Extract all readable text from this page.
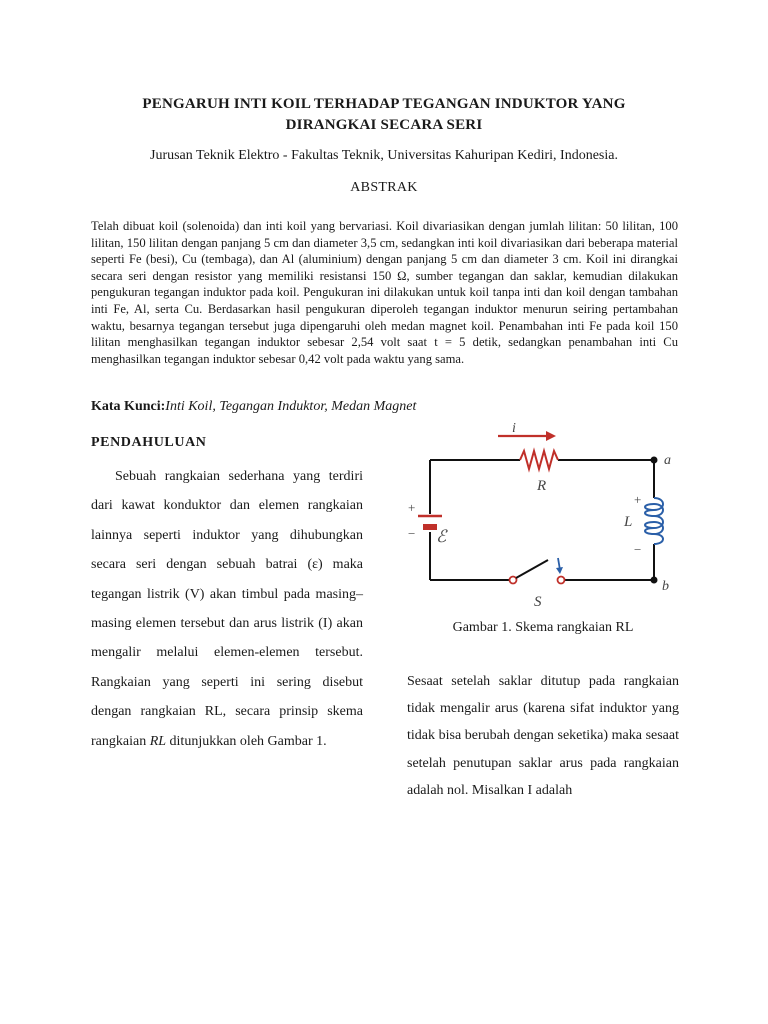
PENGARUH INTI KOIL TERHADAP TEGANGAN INDUKTOR YANG
DIRANGKAI SECARA SERI
Jurusan Teknik Elektro - Fakultas Teknik, Universitas Kahuripan Kediri, Indonesia.
ABSTRAK
Telah dibuat koil (solenoida) dan inti koil yang bervariasi. Koil divariasikan dengan jumlah lilitan: 50 lilitan, 100 lilitan, 150 lilitan dengan panjang 5 cm dan diameter 3,5 cm, sedangkan inti koil divariasikan dari beberapa material seperti Fe (besi), Cu (tembaga), dan Al (aluminium) dengan panjang 5 cm dan diameter 3 cm. Koil ini dirangkai secara seri dengan resistor yang memiliki resistansi 150 Ω, sumber tegangan dan saklar, kemudian dilakukan pengukuran tegangan induktor pada koil. Pengukuran ini dilakukan untuk koil tanpa inti dan koil dengan tambahan inti Fe, Al, serta Cu. Berdasarkan hasil pengukuran diperoleh tegangan induktor menurun seiring pertambahan waktu, besarnya tegangan tersebut juga dipengaruhi oleh medan magnet koil. Penambahan inti Fe pada koil 150 lilitan menghasilkan tegangan induktor sebesar 2,54 volt saat t = 5 detik, sedangkan penambahan inti Cu menghasilkan tegangan induktor sebesar 0,42 volt pada waktu yang sama.
Kata Kunci:Inti Koil, Tegangan Induktor, Medan Magnet
PENDAHULUAN
Sebuah rangkaian sederhana yang terdiri dari kawat konduktor dan elemen rangkaian lainnya seperti induktor yang dihubungkan secara seri dengan sebuah batrai (ε) maka tegangan listrik (V) akan timbul pada masing–masing elemen tersebut dan arus listrik (I) akan mengalir melalui elemen-elemen tersebut. Rangkaian yang seperti ini sering disebut dengan rangkaian RL, secara prinsip skema rangkaian RL ditunjukkan oleh Gambar 1.
i
R
a
+
L
−
+
− ℰ
S
b
Gambar 1. Skema rangkaian RL
Sesaat setelah saklar ditutup pada rangkaian tidak mengalir arus (karena sifat induktor yang tidak bisa berubah dengan seketika) maka sesaat setelah penutupan saklar arus pada rangkaian adalah nol. Misalkan I adalah
